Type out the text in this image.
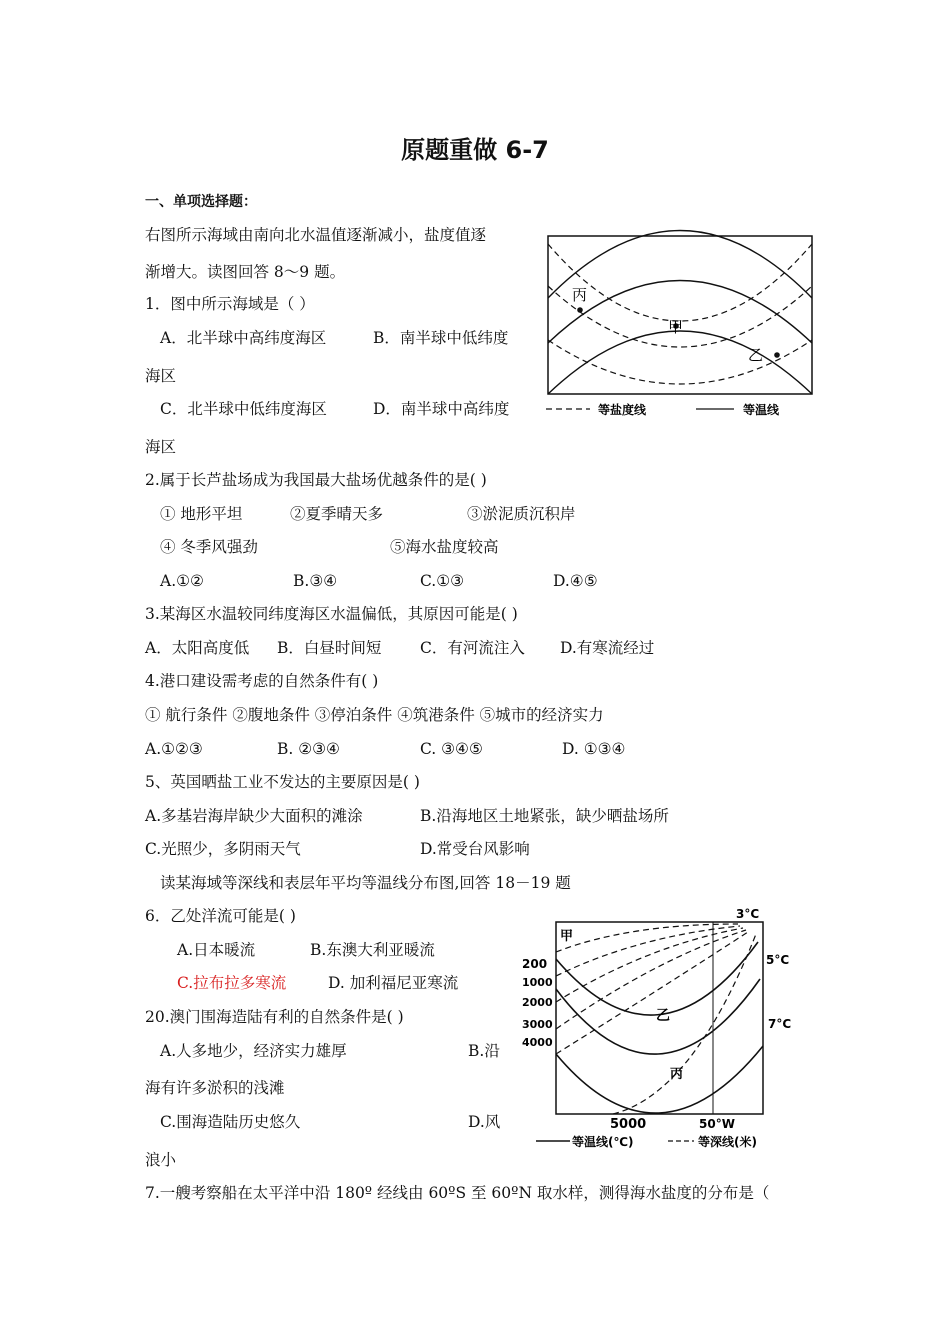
原题重做 6-7
一、单项选择题：
右图所示海域由南向北水温值逐渐减小，盐度值逐
渐增大。读图回答 8～9 题。
1．图中所示海域是（ ）
A．北半球中高纬度海区	B．南半球中低纬度
海区
C．北半球中低纬度海区	D．南半球中高纬度
海区
2.属于长芦盐场成为我国最大盐场优越条件的是( )
① 地形平坦	②夏季晴天多	③淤泥质沉积岸
④ 冬季风强劲	⑤海水盐度较高
A.①②	B.③④	C.①③	D.④⑤
3.某海区水温较同纬度海区水温偏低，其原因可能是( )
A．太阳高度低 B．白昼时间短 C．有河流注入 D.有寒流经过
4.港口建设需考虑的自然条件有( )
① 航行条件 ②腹地条件 ③停泊条件 ④筑港条件 ⑤城市的经济实力
A.①②③	B. ②③④	C. ③④⑤	D. ①③④
5、英国晒盐工业不发达的主要原因是( )
A.多基岩海岸缺少大面积的滩涂	B.沿海地区土地紧张，缺少晒盐场所
C.光照少，多阴雨天气	D.常受台风影响
读某海域等深线和表层年平均等温线分布图,回答 18－19 题
6．乙处洋流可能是( )
A.日本暖流	B.东澳大利亚暖流
C.拉布拉多寒流	D. 加利福尼亚寒流
20.澳门围海造陆有利的自然条件是( )
A.人多地少，经济实力雄厚	B.沿
海有许多淤积的浅滩
C.围海造陆历史悠久	D.风
浪小
7.一艘考察船在太平洋中沿 180º 经线由 60ºS 至 60ºN 取水样，测得海水盐度的分布是（
丙
甲
乙
等盐度线	等温线
甲
乙
丙
200
1000
2000
3000
4000
5000	50°W
3°C
5°C
7°C
等温线(℃)	等深线(米)
